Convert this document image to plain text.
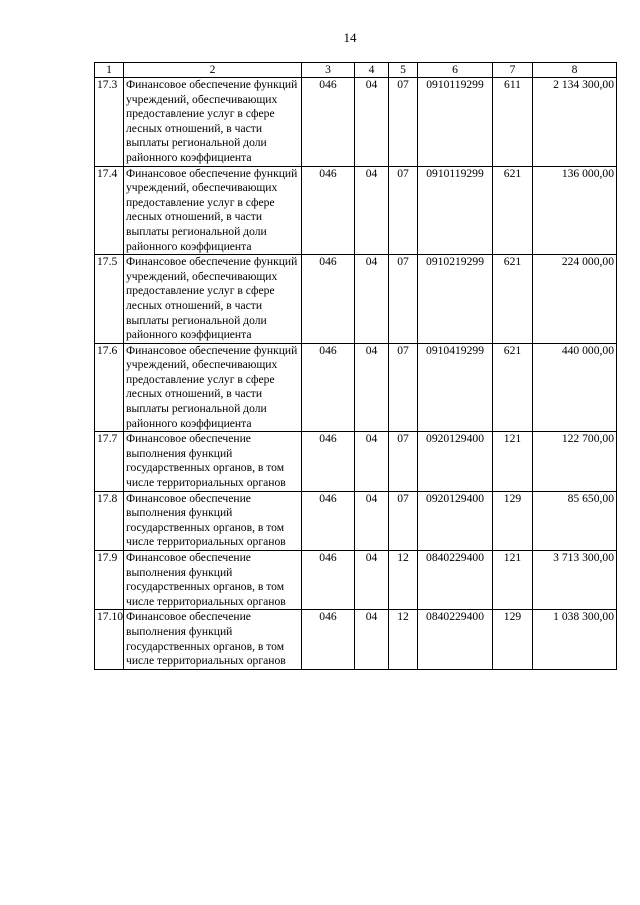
14
1	2	3	4	5	6	7	8
17.3	Финансовое обеспечение функций учреждений, обеспечивающих предоставление услуг в сфере лесных отношений, в части выплаты региональной доли районного коэффициента	046	04	07	0910119299	611	2 134 300,00
17.4	Финансовое обеспечение функций учреждений, обеспечивающих предоставление услуг в сфере лесных отношений, в части выплаты региональной доли районного коэффициента	046	04	07	0910119299	621	136 000,00
17.5	Финансовое обеспечение функций учреждений, обеспечивающих предоставление услуг в сфере лесных отношений, в части выплаты региональной доли районного коэффициента	046	04	07	0910219299	621	224 000,00
17.6	Финансовое обеспечение функций учреждений, обеспечивающих предоставление услуг в сфере лесных отношений, в части выплаты региональной доли районного коэффициента	046	04	07	0910419299	621	440 000,00
17.7	Финансовое обеспечение выполнения функций государственных органов, в том числе территориальных органов	046	04	07	0920129400	121	122 700,00
17.8	Финансовое обеспечение выполнения функций государственных органов, в том числе территориальных органов	046	04	07	0920129400	129	85 650,00
17.9	Финансовое обеспечение выполнения функций государственных органов, в том числе территориальных органов	046	04	12	0840229400	121	3 713 300,00
17.10	Финансовое обеспечение выполнения функций государственных органов, в том числе территориальных органов	046	04	12	0840229400	129	1 038 300,00
